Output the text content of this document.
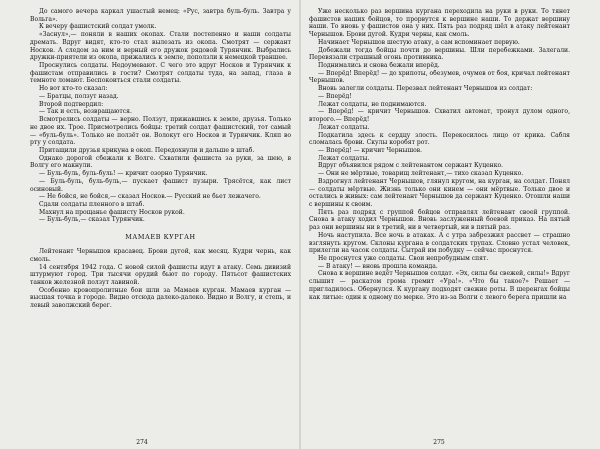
До самого вечера каркал ушастый немец: «Рус, завтра буль-буль. Завтра у Вольга».

К вечеру фашистский солдат умолк.

«Заснул»,— поняли в наших окопах. Стали постепенно и наши солдаты дремать. Вдруг видят, кто-то стал вылезать из окопа. Смотрят — сержант Носков. А следом за ним и верный его дружок рядовой Турянчик. Выбрались дружки-приятели из окопа, прижались к земле, поползли к немецкой траншее.

Проснулись солдаты. Недоумевают. С чего это вдруг Носков и Турянчик к фашистам отправились в гости? Смотрят солдаты туда, на запад, глаза в темноте ломают. Беспокоиться стали солдаты.

Но вот кто-то сказал:

— Братцы, ползут назад.

Второй подтвердил:

— Так и есть, возвращаются.

Всмотрелись солдаты — верно. Ползут, прижавшись к земле, друзья. Только не двое их. Трое. Присмотрелись бойцы: третий солдат фашистский, тот самый — «буль-буль». Только не ползёт он. Волокут его Носков и Турянчик. Кляп во рту у солдата.

Притащили друзья крикуна в окоп. Передохнули и дальше в штаб.

Однако дорогой сбежали к Волге. Схватили фашиста за руки, за шею, в Волгу его макнули.

— Буль-буль, буль-буль! — кричит озорно Турянчик.

— Буль-буль, буль-буль,— пускает фашист пузыри. Трясётся, как лист осиновый.

— Не бойся, не бойся,— сказал Носков.— Русский не бьет лежачего.

Сдали солдаты пленного в штаб.

Махнул на прощанье фашисту Носков рукой.

— Буль-буль,— сказал Турянчик.

МАМАЕВ КУРГАН

Лейтенант Чернышов красавец. Брови дугой, как месяц. Кудри чернь, как смоль.

14 сентября 1942 года. С новой силой фашисты идут в атаку. Семь дивизий штурмуют город. Три тысячи орудий бьют по городу. Пятьсот фашистских танков железной ползут лавиной.

Особенно кровопролитные бои шли за Мамаев курган. Мамаев курган — высшая точка в городе. Видно отсюда далеко-далеко. Видно и Волгу, и степь, и левый заволжский берег.

274

Уже несколько раз вершина кургана переходила на руки в руки. То тянет фашистов наших бойцов, то прорвутся к вершине наши. То держат вершину наши. То вновь у фашистов она у них. Пять раз подряд шёл в атаку лейтенант Чернышов. Брови дугой. Кудри черны, как смоль.

Начинает Чернышов шестую атаку, а сам вспоминает первую.

Добежали тогда бойцы почти до вершины. Шли перебежками. Залегали. Перевязали страшный огонь противника.

Поднимались и снова бежали вперёд.

— Вперёд! Вперёд! — до хрипоты, обезумев, очумев от боя, кричал лейтенант Чернышов.

Вновь залегли солдаты. Перезвал лейтенант Чернышов из солдат:

— Вперёд!

Лежат солдаты, не поднимаются.

— Вперёд! — кричит Чернышов. Схватил автомат, тронул дулом одного, второго.— Вперёд!

Лежат солдаты.

Подкатила здесь к сердцу злость. Перекосилось лицо от крика. Сабля сломалась брови. Скулы коробят рот.

— Вперёд! — кричит Чернышов.

Лежат солдаты.

Вдруг объявился рядом с лейтенантом сержант Куценко.

— Они не мёртвые, товарищ лейтенант,— тихо сказал Куценко.

Вздрогнул лейтенант Чернышов, глянул кругом, на курган, на солдат. Понял — солдаты мёртвые. Жизнь только они кинем — они мёртвые. Только двое и остались в живых: сам лейтенант Чернышов да сержант Куценко. Отошли наши с вершины к своим.

Пять раз подряд с группой бойцов отправлял лейтенант своей группой. Снова в атаку ходил Чернышов. Вновь заслуженный боевой приказ. На пятый раз они вершины ни в третий, ни в четвертый, ни в пятый раз.

Ночь наступила. Все ночь в атаках. А с утра забрезжил рассвет — страшно взглянуть кругом. Склоны кургана в солдатских трупах. Словно устал человек, прилегли на часок солдаты. Сытрай им побудку — сейчас проснутся.

Не проснутся уже солдаты. Свои непробудным спят.

— В атаку! — вновь прошла команда.

Снова к вершине ведёт Чернышов солдат. «Эх, силы бы свежей, силы!» Вдруг слышит — раскатом грома гремит «Ура!». «Что бы такое?» Решает — пригладилось. Обернулся. К кургану подходят свежие роты. В шеренгах бойцы как литые: один к одному по мерке. Это из-за Волги с левого берега пришли на

275
